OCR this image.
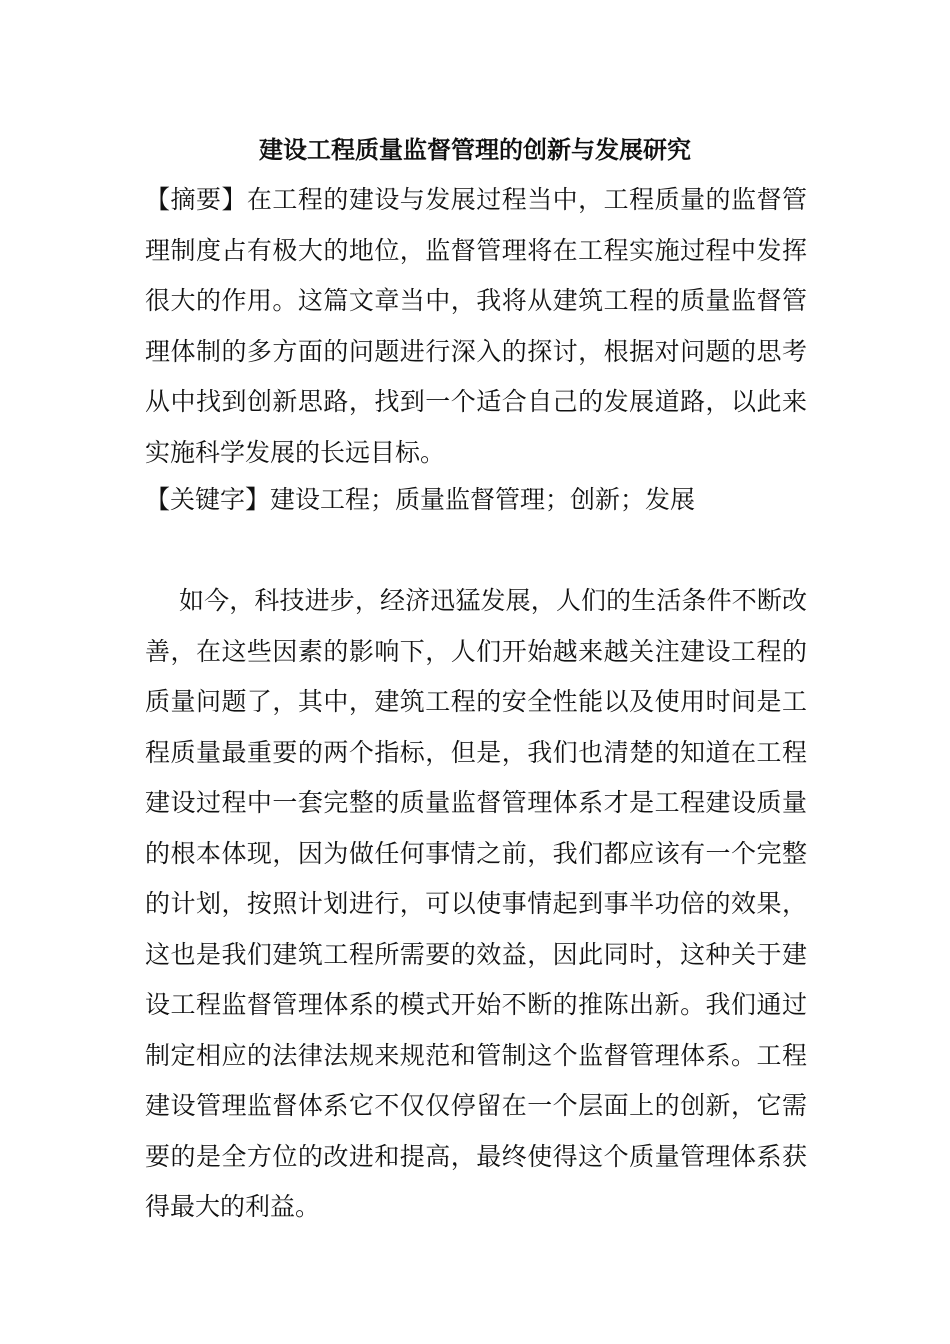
建设工程质量监督管理的创新与发展研究

【摘要】在工程的建设与发展过程当中，工程质量的监督管理制度占有极大的地位，监督管理将在工程实施过程中发挥很大的作用。这篇文章当中，我将从建筑工程的质量监督管理体制的多方面的问题进行深入的探讨，根据对问题的思考从中找到创新思路，找到一个适合自己的发展道路，以此来实施科学发展的长远目标。

【关键字】建设工程；质量监督管理；创新；发展

如今，科技进步，经济迅猛发展，人们的生活条件不断改善，在这些因素的影响下，人们开始越来越关注建设工程的质量问题了，其中，建筑工程的安全性能以及使用时间是工程质量最重要的两个指标，但是，我们也清楚的知道在工程建设过程中一套完整的质量监督管理体系才是工程建设质量的根本体现，因为做任何事情之前，我们都应该有一个完整的计划，按照计划进行，可以使事情起到事半功倍的效果，这也是我们建筑工程所需要的效益，因此同时，这种关于建设工程监督管理体系的模式开始不断的推陈出新。我们通过制定相应的法律法规来规范和管制这个监督管理体系。工程建设管理监督体系它不仅仅停留在一个层面上的创新，它需要的是全方位的改进和提高，最终使得这个质量管理体系获得最大的利益。
